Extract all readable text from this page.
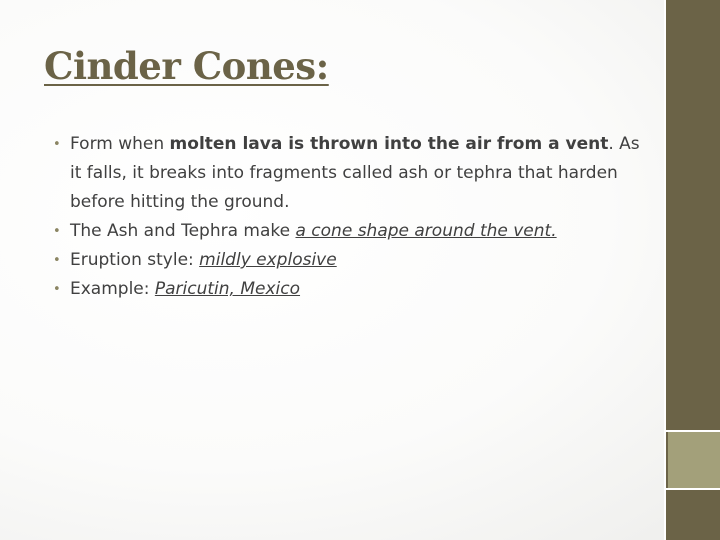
Cinder Cones:
• Form when molten lava is thrown into the air from a vent. As it falls, it breaks into fragments called ash or tephra that harden before hitting the ground.
• The Ash and Tephra make a cone shape around the vent.
• Eruption style: mildly explosive
• Example: Paricutin, Mexico
